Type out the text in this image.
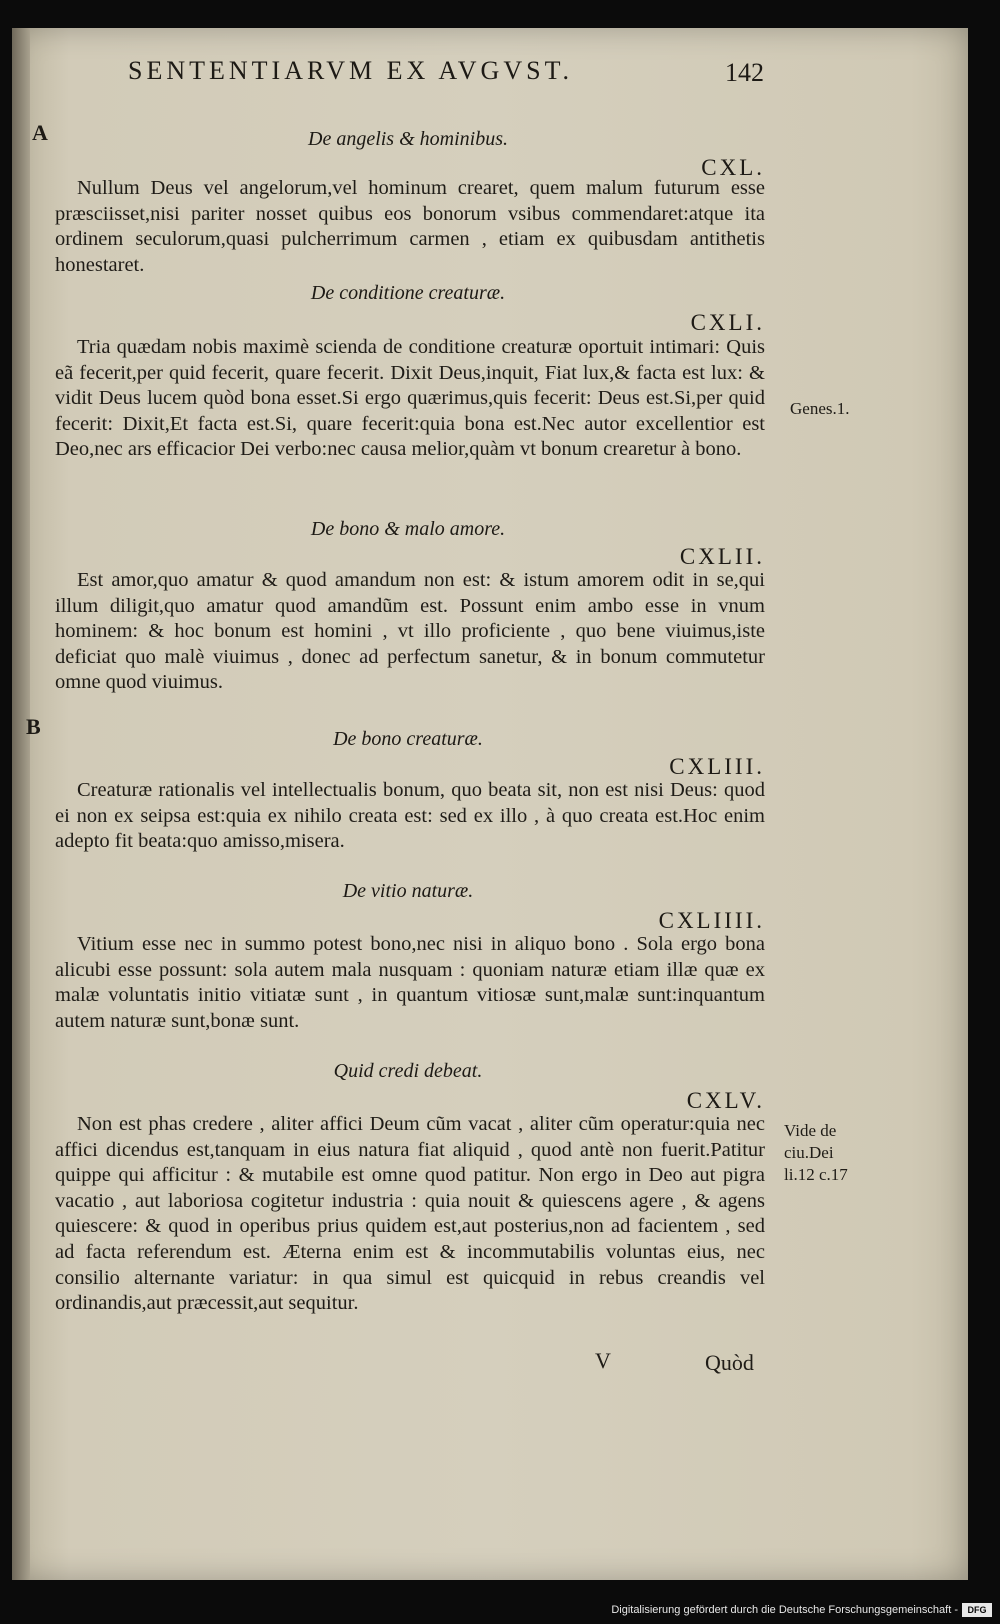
SENTENTIARVM EX AVGVST.	142
A
B
De angelis & hominibus.
CXL.
Nullum Deus vel angelorum,vel hominum crearet, quem malum futurum esse præsciisset,nisi pariter nosset quibus eos bonorum vsibus commendaret:atque ita ordinem seculorum,quasi pulcherrimum carmen , etiam ex quibusdam antithetis honestaret.
De conditione creaturæ.
CXLI.
Tria quædam nobis maximè scienda de conditione creaturæ oportuit intimari: Quis eã fecerit,per quid fecerit, quare fecerit. Dixit Deus,inquit, Fiat lux,& facta est lux: & vidit Deus lucem quòd bona esset.Si ergo quærimus,quis fecerit: Deus est.Si,per quid fecerit: Dixit,Et facta est.Si, quare fecerit:quia bona est.Nec autor excellentior est Deo,nec ars efficacior Dei verbo:nec causa melior,quàm vt bonum crearetur à bono.
Genes.1.
De bono & malo amore.
CXLII.
Est amor,quo amatur & quod amandum non est: & istum amorem odit in se,qui illum diligit,quo amatur quod amandũm est. Possunt enim ambo esse in vnum hominem: & hoc bonum est homini , vt illo proficiente , quo bene viuimus,iste deficiat quo malè viuimus , donec ad perfectum sanetur, & in bonum commutetur omne quod viuimus.
De bono creaturæ.
CXLIII.
Creaturæ rationalis vel intellectualis bonum, quo beata sit, non est nisi Deus: quod ei non ex seipsa est:quia ex nihilo creata est: sed ex illo , à quo creata est.Hoc enim adepto fit beata:quo amisso,misera.
De vitio naturæ.
CXLIIII.
Vitium esse nec in summo potest bono,nec nisi in aliquo bono . Sola ergo bona alicubi esse possunt: sola autem mala nusquam : quoniam naturæ etiam illæ quæ ex malæ voluntatis initio vitiatæ sunt , in quantum vitiosæ sunt,malæ sunt:inquantum autem naturæ sunt,bonæ sunt.
Quid credi debeat.
CXLV.
Non est phas credere , aliter affici Deum cũm vacat , aliter cũm operatur:quia nec affici dicendus est,tanquam in eius natura fiat aliquid , quod antè non fuerit.Patitur quippe qui afficitur : & mutabile est omne quod patitur. Non ergo in Deo aut pigra vacatio , aut laboriosa cogitetur industria : quia nouit & quiescens agere , & agens quiescere: & quod in operibus prius quidem est,aut posterius,non ad facientem , sed ad facta referendum est. Æterna enim est & incommutabilis voluntas eius, nec consilio alternante variatur: in qua simul est quicquid in rebus creandis vel ordinandis,aut præcessit,aut sequitur.
Vide de
ciu.Dei
li.12 c.17
V	Quòd
Digitalisierung gefördert durch die Deutsche Forschungsgemeinschaft -	DFG
